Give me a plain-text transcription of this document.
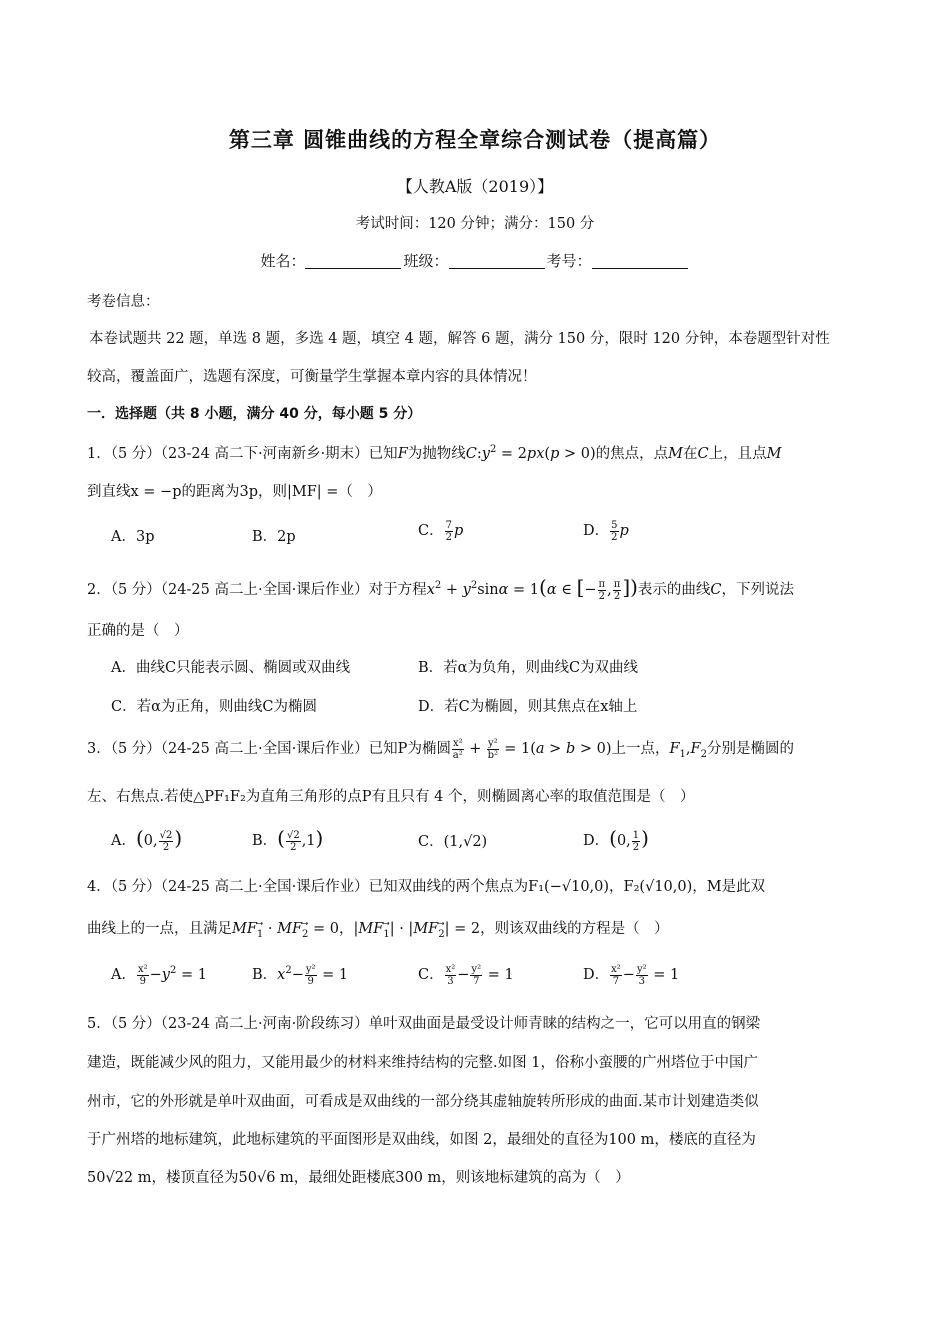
第三章 圆锥曲线的方程全章综合测试卷（提高篇）
【人教A版（2019）】
考试时间：120 分钟；满分：150 分
姓名：	班级：	考号：
考卷信息：
本卷试题共 22 题，单选 8 题，多选 4 题，填空 4 题，解答 6 题，满分 150 分，限时 120 分钟，本卷题型针对性
较高，覆盖面广，选题有深度，可衡量学生掌握本章内容的具体情况！
一．选择题（共 8 小题，满分 40 分，每小题 5 分）
1．（5 分）（23-24 高二下·河南新乡·期末）已知F为抛物线$C:y^2 = 2px(p > 0)$的焦点，点M在C上，且点M
到直线x = −p的距离为3p，则|MF| =（　）
A．3p	B．2p	C． $\frac{7}{2}$ p	D． $\frac{5}{2}$ p
2．（5 分）（24-25 高二上·全国·课后作业）对于方程$x^2 + y^2\sin\alpha = 1(\alpha$ ∈ [− $\frac{\pi}{2}$ , $\frac{\pi}{2}$ ])表示的曲线C，下列说法
正确的是（　）
A．曲线C只能表示圆、椭圆或双曲线	B．若α为负角，则曲线C为双曲线
C．若α为正角，则曲线C为椭圆	D．若C为椭圆，则其焦点在x轴上
3．（5 分）（24-25 高二上·全国·课后作业）已知P为椭圆 $\frac{\text{x²}}{\text{a²}} + \frac{\text{y²}}{\text{b²}} = 1(a > b > 0)$上一点，$F_1,F_2$分别是椭圆的
左、右焦点.若使△PF₁F₂为直角三角形的点P有且只有 4 个，则椭圆离心率的取值范围是（　）
A．(0, $\frac{√2}{2}$ )	B．( $\frac{√2}{2} ,1$)	C．(1,√2)	D．(0, $\frac{1}{2}$ )
4．（5 分）（24-25 高二上·全国·课后作业）已知双曲线的两个焦点为F₁(−√10,0)，F₂(√10,0)，M是此双
曲线上的一点，且满足$MF_1⃗$ · $MF_2⃗ = 0$，$|MF_1⃗|$ · $|MF_2⃗| = 2$，则该双曲线的方程是（　）
A． $\frac{\text{x²}}{9} -y^2 = 1$	B．$x^2- \frac{\text{y²}}{9} = 1$	C． $\frac{\text{x²}}{3} - \frac{\text{y²}}{7} = 1$	D． $\frac{\text{x²}}{7} - \frac{\text{y²}}{3} = 1$
5．（5 分）（23-24 高二上·河南·阶段练习）单叶双曲面是最受设计师青睐的结构之一，它可以用直的钢梁
建造，既能减少风的阻力，又能用最少的材料来维持结构的完整.如图 1，俗称小蛮腰的广州塔位于中国广
州市，它的外形就是单叶双曲面，可看成是双曲线的一部分绕其虚轴旋转所形成的曲面.某市计划建造类似
于广州塔的地标建筑，此地标建筑的平面图形是双曲线，如图 2，最细处的直径为100 m，楼底的直径为
50√22 m，楼顶直径为50√6 m，最细处距楼底300 m，则该地标建筑的高为（　）
